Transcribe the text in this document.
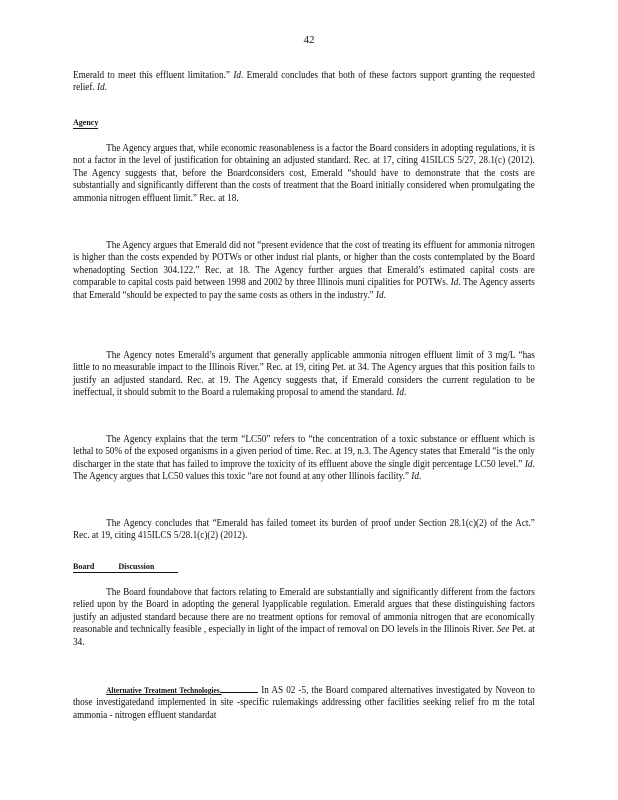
42

Emerald to meet this effluent limitation.” Id. Emerald concludes that both of these factors support granting the requested relief. Id.

Agency

The Agency argues that, while economic reasonableness is a factor the Board considers in adopting regulations, it is not a factor in the level of justification for obtaining an adjusted standard. Rec. at 17, citing 415ILCS 5/27, 28.1(c) (2012). The Agency suggests that, before the Boardconsiders cost, Emerald “should have to demonstrate that the costs are substantially and significantly different than the costs of treatment that the Board initially considered when promulgating the ammonia nitrogen effluent limit.” Rec. at 18.

The Agency argues that Emerald did not “present evidence that the cost of treating its effluent for ammonia nitrogen is higher than the costs expended by POTWs or other indust rial plants, or higher than the costs contemplated by the Board whenadopting Section 304.122.” Rec. at 18. The Agency further argues that Emerald’s estimated capital costs are comparable to capital costs paid between 1998 and 2002 by three Illinois muni cipalities for POTWs. Id. The Agency asserts that Emerald “should be expected to pay the same costs as others in the industry.” Id.

The Agency notes Emerald’s argument that generally applicable ammonia nitrogen effluent limit of 3 mg/L “has little to no measurable impact to the Illinois River.” Rec. at 19, citing Pet. at 34. The Agency argues that this position fails to justify an adjusted standard. Rec. at 19. The Agency suggests that, if Emerald considers the current regulation to be ineffectual, it should submit to the Board a rulemaking proposal to amend the standard. Id.

The Agency explains that the term “LC50” refers to “the concentration of a toxic substance or effluent which is lethal to 50% of the exposed organisms in a given period of time. Rec. at 19, n.3. The Agency states that Emerald “is the only discharger in the state that has failed to improve the toxicity of its effluent above the single digit percentage LC50 level.” Id. The Agency argues that LC50 values this toxic “are not found at any other Illinois facility.” Id.

The Agency concludes that “Emerald has failed tomeet its burden of proof under Section 28.1(c)(2) of the Act.” Rec. at 19, citing 415ILCS 5/28.1(c)(2) (2012).

Board	Discussion

The Board foundabove that factors relating to Emerald are substantially and significantly different from the factors relied upon by the Board in adopting the general lyapplicable regulation. Emerald argues that these distinguishing factors justify an adjusted standard because there are no treatment options for removal of ammonia nitrogen that are economically reasonable and technically feasible , especially in light of the impact of removal on DO levels in the Illinois River. See Pet. at 34.

Alternative Treatment Technologies.	In AS 02 -5, the Board compared alternatives investigated by Noveon to those investigatedand implemented in site -specific rulemakings addressing other facilities seeking relief fro m the total ammonia - nitrogen effluent standardat
